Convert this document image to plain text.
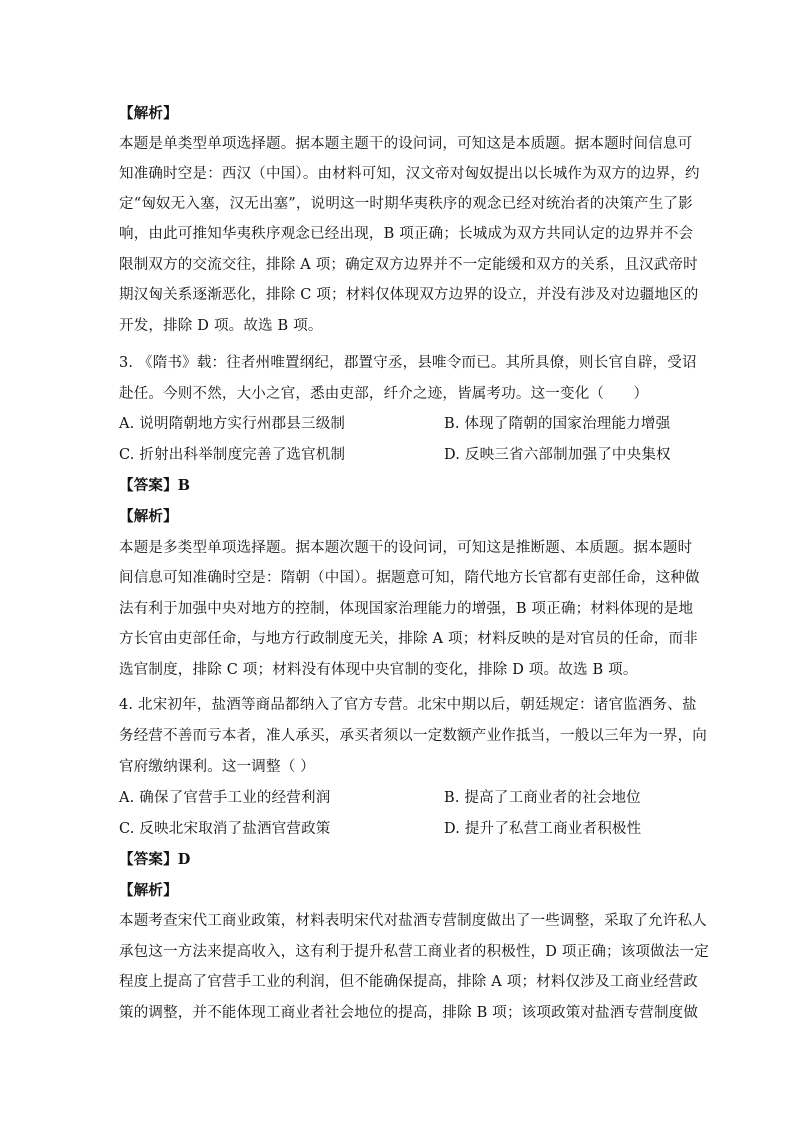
【解析】
本题是单类型单项选择题。据本题主题干的设问词，可知这是本质题。据本题时间信息可
知准确时空是：西汉（中国）。由材料可知，汉文帝对匈奴提出以长城作为双方的边界，约
定“匈奴无入塞，汉无出塞”，说明这一时期华夷秩序的观念已经对统治者的决策产生了影
响，由此可推知华夷秩序观念已经出现，B 项正确；长城成为双方共同认定的边界并不会
限制双方的交流交往，排除 A 项；确定双方边界并不一定能缓和双方的关系，且汉武帝时
期汉匈关系逐渐恶化，排除 C 项；材料仅体现双方边界的设立，并没有涉及对边疆地区的
开发，排除 D 项。故选 B 项。
3. 《隋书》载：往者州唯置纲纪，郡置守丞，县唯令而已。其所具僚，则长官自辟，受诏
赴任。今则不然，大小之官，悉由吏部，纤介之迹，皆属考功。这一变化（　　）
A. 说明隋朝地方实行州郡县三级制	B. 体现了隋朝的国家治理能力增强
C. 折射出科举制度完善了选官机制	D. 反映三省六部制加强了中央集权
【答案】B
【解析】
本题是多类型单项选择题。据本题次题干的设问词，可知这是推断题、本质题。据本题时
间信息可知准确时空是：隋朝（中国）。据题意可知，隋代地方长官都有吏部任命，这种做
法有利于加强中央对地方的控制，体现国家治理能力的增强，B 项正确；材料体现的是地
方长官由吏部任命，与地方行政制度无关，排除 A 项；材料反映的是对官员的任命，而非
选官制度，排除 C 项；材料没有体现中央官制的变化，排除 D 项。故选 B 项。
4. 北宋初年，盐酒等商品都纳入了官方专营。北宋中期以后，朝廷规定：诸官监酒务、盐
务经营不善而亏本者，准人承买，承买者须以一定数额产业作抵当，一般以三年为一界，向
官府缴纳课利。这一调整（ ）
A. 确保了官营手工业的经营利润	B. 提高了工商业者的社会地位
C. 反映北宋取消了盐酒官营政策	D. 提升了私营工商业者积极性
【答案】D
【解析】
本题考查宋代工商业政策，材料表明宋代对盐酒专营制度做出了一些调整，采取了允许私人
承包这一方法来提高收入，这有利于提升私营工商业者的积极性，D 项正确；该项做法一定
程度上提高了官营手工业的利润，但不能确保提高，排除 A 项；材料仅涉及工商业经营政
策的调整，并不能体现工商业者社会地位的提高，排除 B 项；该项政策对盐酒专营制度做
